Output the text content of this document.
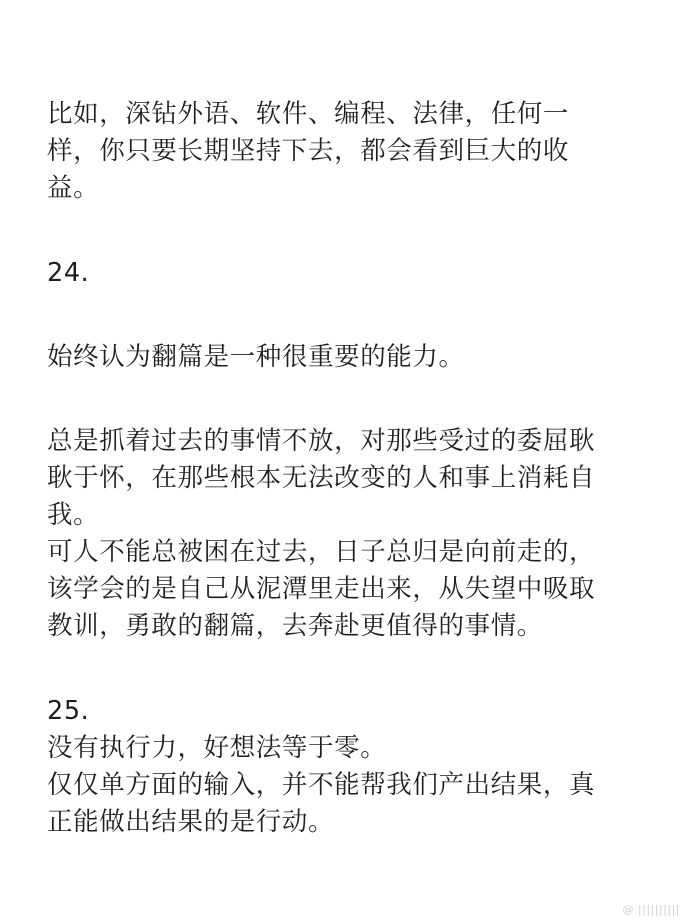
比如，深钻外语、软件、编程、法律，任何一
样，你只要长期坚持下去，都会看到巨大的收
益。
24.
始终认为翻篇是一种很重要的能力。
总是抓着过去的事情不放，对那些受过的委屈耿
耿于怀，在那些根本无法改变的人和事上消耗自
我。
可人不能总被困在过去，日子总归是向前走的，
该学会的是自己从泥潭里走出来，从失望中吸取
教训，勇敢的翻篇，去奔赴更值得的事情。
25.
没有执行力，好想法等于零。
仅仅单方面的输入，并不能帮我们产出结果，真
正能做出结果的是行动。
@ ||||||||||
